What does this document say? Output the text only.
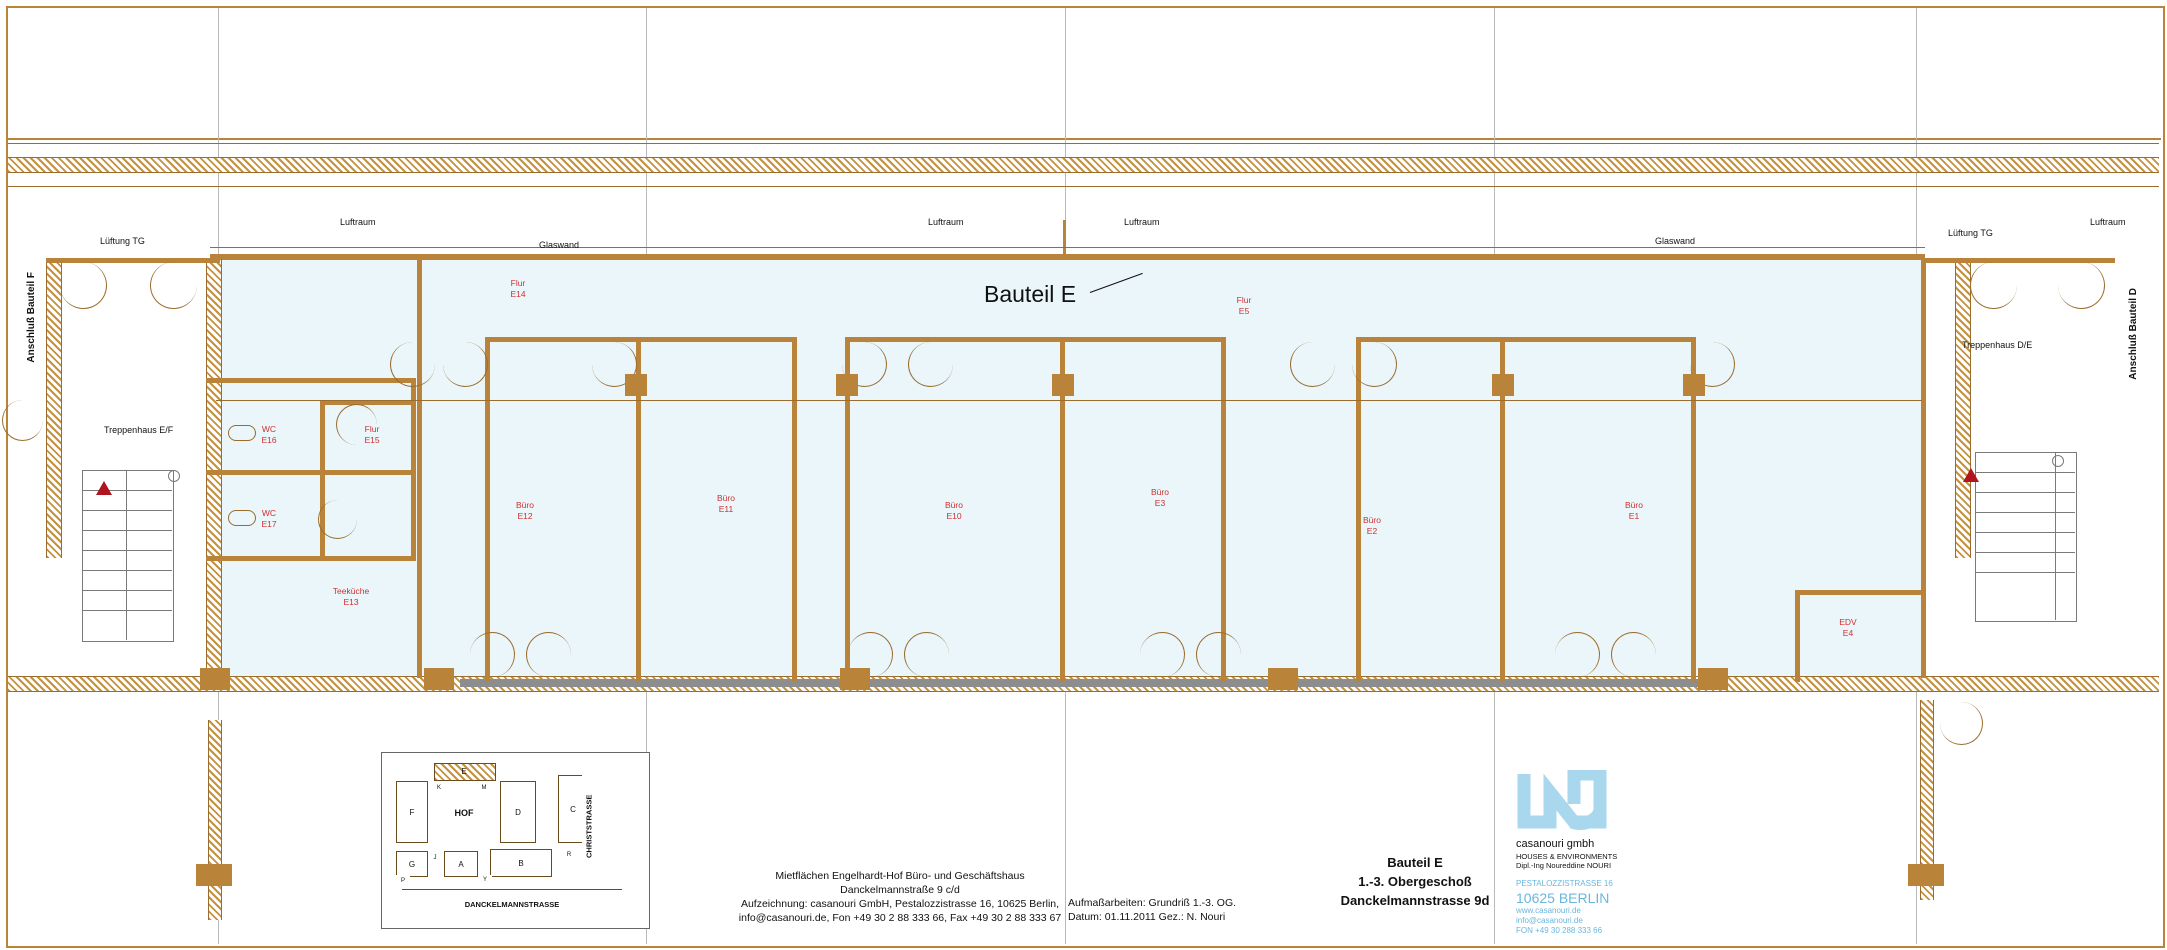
Bauteil E
Anschluß Bauteil F	Anschluß Bauteil D
Lüftung TG
Luftraum	Luftraum	Luftraum
Lüftung TG
Luftraum
Glaswand	Glaswand
Treppenhaus E/F
Treppenhaus D/E
Flur
E14
Flur
E5
Flur
E15
WC
E16
WC
E17
Teeküche
E13
Büro
E12
Büro
E11	Büro
E10
Büro
E3
Büro
E2
Büro
E1
EDV
E4
E
F	D	C
HOF
G	A	B
M
K
J
Y
R
P
CHRISTSTRASSE
DANCKELMANNSTRASSE
Mietflächen Engelhardt-Hof Büro- und Geschäftshaus
Danckelmannstraße 9 c/d
Aufzeichnung: casanouri GmbH, Pestalozzistrasse 16, 10625 Berlin,
info@casanouri.de, Fon +49 30 2 88 333 66, Fax +49 30 2 88 333 67
Aufmaßarbeiten: Grundriß 1.-3. OG.
Datum: 01.11.2011 Gez.: N. Nouri
Bauteil E
1.-3. Obergeschoß
Danckelmannstrasse 9d
casanouri gmbh
HOUSES & ENVIRONMENTS
Dipl.-Ing Noureddine NOURI
PESTALOZZISTRASSE 16
10625 BERLIN
www.casanouri.de
info@casanouri.de
FON +49 30 288 333 66
